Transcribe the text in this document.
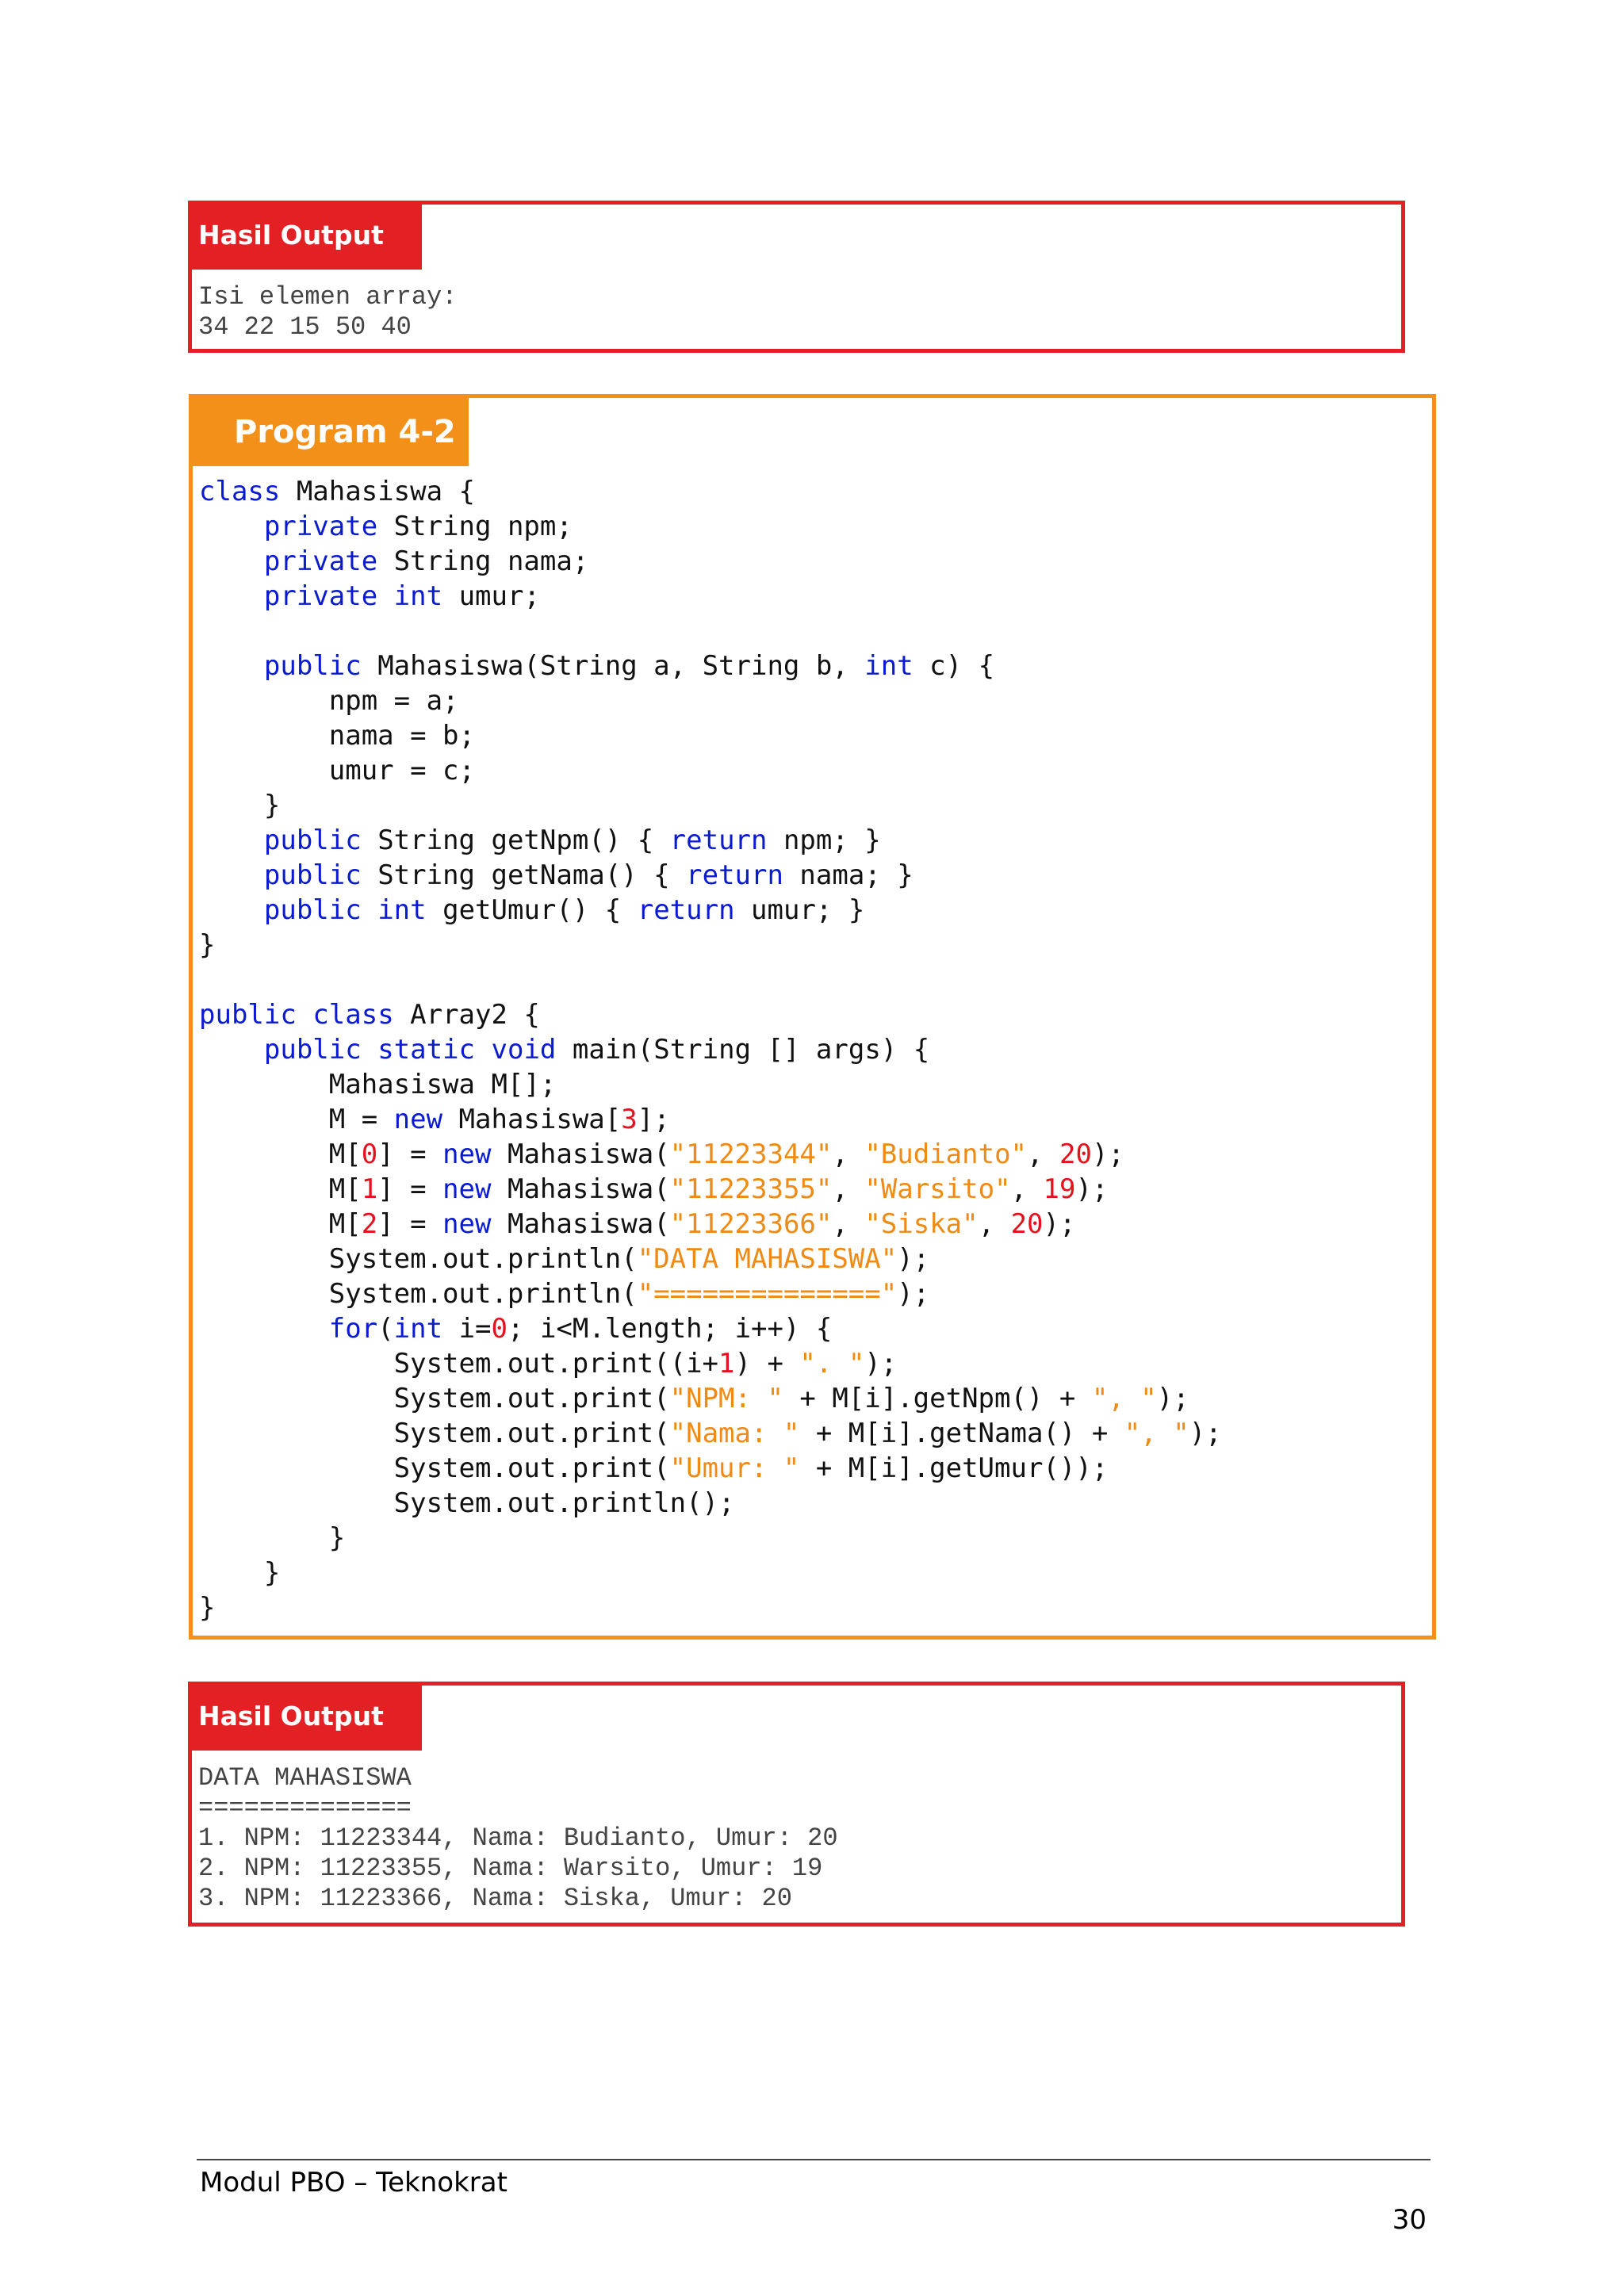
Hasil Output
Isi elemen array:
34 22 15 50 40
Program 4-2
class Mahasiswa {
private String npm;
private String nama;
private int umur;

public Mahasiswa(String a, String b, int c) {
npm = a;
nama = b;
umur = c;
}
public String getNpm() { return npm; }
public String getNama() { return nama; }
public int getUmur() { return umur; }
}

public class Array2 {
public static void main(String [] args) {
Mahasiswa M[];
M = new Mahasiswa[3];
M[0] = new Mahasiswa("11223344", "Budianto", 20);
M[1] = new Mahasiswa("11223355", "Warsito", 19);
M[2] = new Mahasiswa("11223366", "Siska", 20);
System.out.println("DATA MAHASISWA");
System.out.println("==============");
for(int i=0; i<M.length; i++) {
System.out.print((i+1) + ". ");
System.out.print("NPM: " + M[i].getNpm() + ", ");
System.out.print("Nama: " + M[i].getNama() + ", ");
System.out.print("Umur: " + M[i].getUmur());
System.out.println();
}
}
}
Hasil Output
DATA MAHASISWA
==============
1. NPM: 11223344, Nama: Budianto, Umur: 20
2. NPM: 11223355, Nama: Warsito, Umur: 19
3. NPM: 11223366, Nama: Siska, Umur: 20
Modul PBO – Teknokrat
30
